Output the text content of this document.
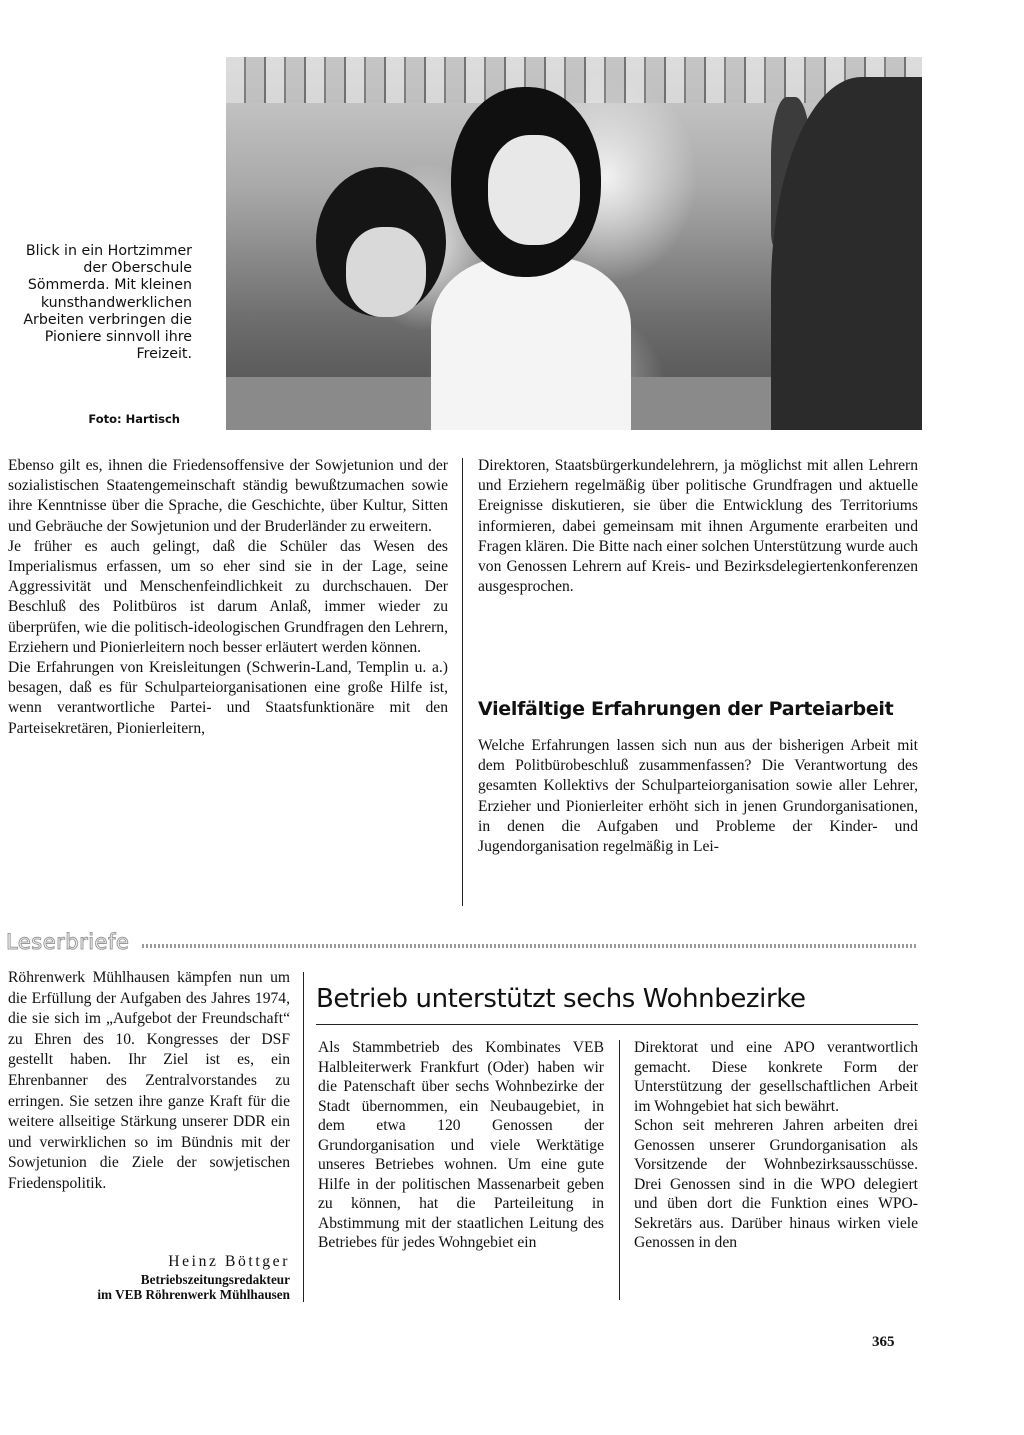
Blick in ein Hortzimmer der Oberschule Sömmerda. Mit kleinen kunsthandwerklichen Arbeiten verbringen die Pioniere sinnvoll ihre Freizeit.
Foto: Hartisch

Ebenso gilt es, ihnen die Friedensoffensive der Sowjetunion und der sozialistischen Staatengemeinschaft ständig bewußtzumachen sowie ihre Kenntnisse über die Sprache, die Geschichte, über Kultur, Sitten und Gebräuche der Sowjetunion und der Bruderländer zu erweitern.

Je früher es auch gelingt, daß die Schüler das Wesen des Imperialismus erfassen, um so eher sind sie in der Lage, seine Aggressivität und Menschenfeindlichkeit zu durchschauen. Der Beschluß des Politbüros ist darum Anlaß, immer wieder zu überprüfen, wie die politisch-ideologischen Grundfragen den Lehrern, Erziehern und Pionierleitern noch besser erläutert werden können.

Die Erfahrungen von Kreisleitungen (Schwerin-Land, Templin u. a.) besagen, daß es für Schulparteiorganisationen eine große Hilfe ist, wenn verantwortliche Partei- und Staatsfunktionäre mit den Parteisekretären, Pionierleitern,

Direktoren, Staatsbürgerkundelehrern, ja möglichst mit allen Lehrern und Erziehern regelmäßig über politische Grundfragen und aktuelle Ereignisse diskutieren, sie über die Entwicklung des Territoriums informieren, dabei gemeinsam mit ihnen Argumente erarbeiten und Fragen klären. Die Bitte nach einer solchen Unterstützung wurde auch von Genossen Lehrern auf Kreis- und Bezirksdelegiertenkonferenzen ausgesprochen.

Vielfältige Erfahrungen der Parteiarbeit

Welche Erfahrungen lassen sich nun aus der bisherigen Arbeit mit dem Politbürobeschluß zusammenfassen? Die Verantwortung des gesamten Kollektivs der Schulparteiorganisation sowie aller Lehrer, Erzieher und Pionierleiter erhöht sich in jenen Grundorganisationen, in denen die Aufgaben und Probleme der Kinder- und Jugendorganisation regelmäßig in Lei-

Leserbriefe
Röhrenwerk Mühlhausen kämpfen nun um die Erfüllung der Aufgaben des Jahres 1974, die sie sich im „Aufgebot der Freundschaft“ zu Ehren des 10. Kongresses der DSF gestellt haben. Ihr Ziel ist es, ein Ehrenbanner des Zentralvorstandes zu erringen. Sie setzen ihre ganze Kraft für die weitere allseitige Stärkung unserer DDR ein und verwirklichen so im Bündnis mit der Sowjetunion die Ziele der sowjetischen Friedenspolitik.
Heinz Böttger
Betriebszeitungsredakteur
im VEB Röhrenwerk Mühlhausen
Betrieb unterstützt sechs Wohnbezirke
Als Stammbetrieb des Kombinates VEB Halbleiterwerk Frankfurt (Oder) haben wir die Patenschaft über sechs Wohnbezirke der Stadt übernommen, ein Neubaugebiet, in dem etwa 120 Genossen der Grundorganisation und viele Werktätige unseres Betriebes wohnen. Um eine gute Hilfe in der politischen Massenarbeit geben zu können, hat die Parteileitung in Abstimmung mit der staatlichen Leitung des Betriebes für jedes Wohngebiet ein

Direktorat und eine APO verantwortlich gemacht. Diese konkrete Form der Unterstützung der gesellschaftlichen Arbeit im Wohngebiet hat sich bewährt.

Schon seit mehreren Jahren arbeiten drei Genossen unserer Grundorganisation als Vorsitzende der Wohnbezirksausschüsse. Drei Genossen sind in die WPO delegiert und üben dort die Funktion eines WPO-Sekretärs aus. Darüber hinaus wirken viele Genossen in den

365
